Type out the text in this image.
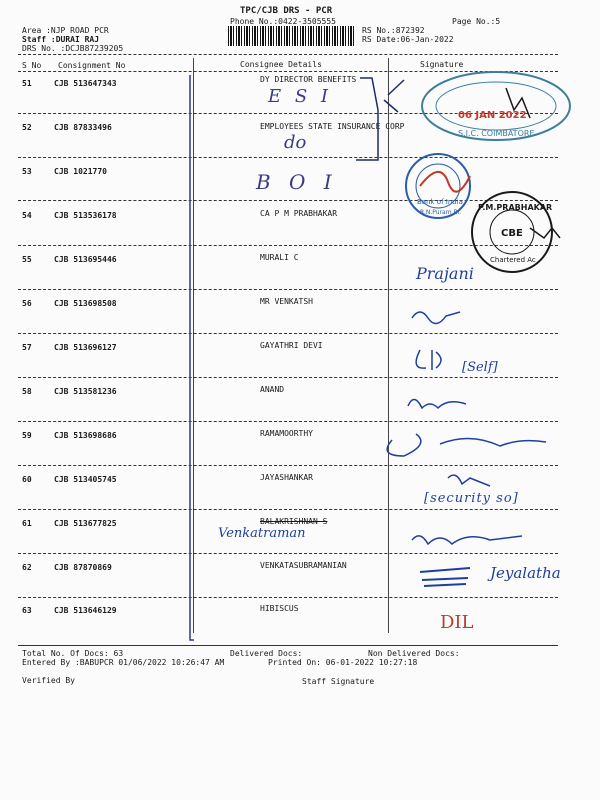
TPC/CJB DRS - PCR
Phone No.:0422-3505555
Area :NJP ROAD PCR
Staff :DURAI RAJ
DRS No. :DCJB87239205
RS No.:872392
RS Date:06-Jan-2022
Page No.:5
S No Consignment No	Consignee Details	Signature
51	CJB 513647343	DY DIRECTOR BENEFITS
52	CJB 87833496	EMPLOYEES STATE INSURANCE CORP
53	CJB 1021770
54	CJB 513536178	CA P M PRABHAKAR
55	CJB 513695446	MURALI C
56	CJB 513698508	MR VENKATSH
57	CJB 513696127	GAYATHRI DEVI
58	CJB 513581236	ANAND
59	CJB 513698686	RAMAMOORTHY
60	CJB 513405745	JAYASHANKAR
61	CJB 513677825	BALAKRISHNAN S
62	CJB 87870869	VENKATASUBRAMANIAN
63	CJB 513646129	HIBISCUS
Total No. Of Docs: 63	Delivered Docs:	Non Delivered Docs:
Entered By :BABUPCR 01/06/2022 10:26:47 AM	Printed On: 06-01-2022 10:27:18
Verified By	Staff Signature
E S I
do
B O I
Venkatraman
Prajani
[Self]
[security so]
Jeyalatha
DIL
06 JAN 2022
S.I.C. COIMBATORE
Bank of India
R.N.Puram Br.
P.M.PRABHAKAR
CBE
Chartered Ac
